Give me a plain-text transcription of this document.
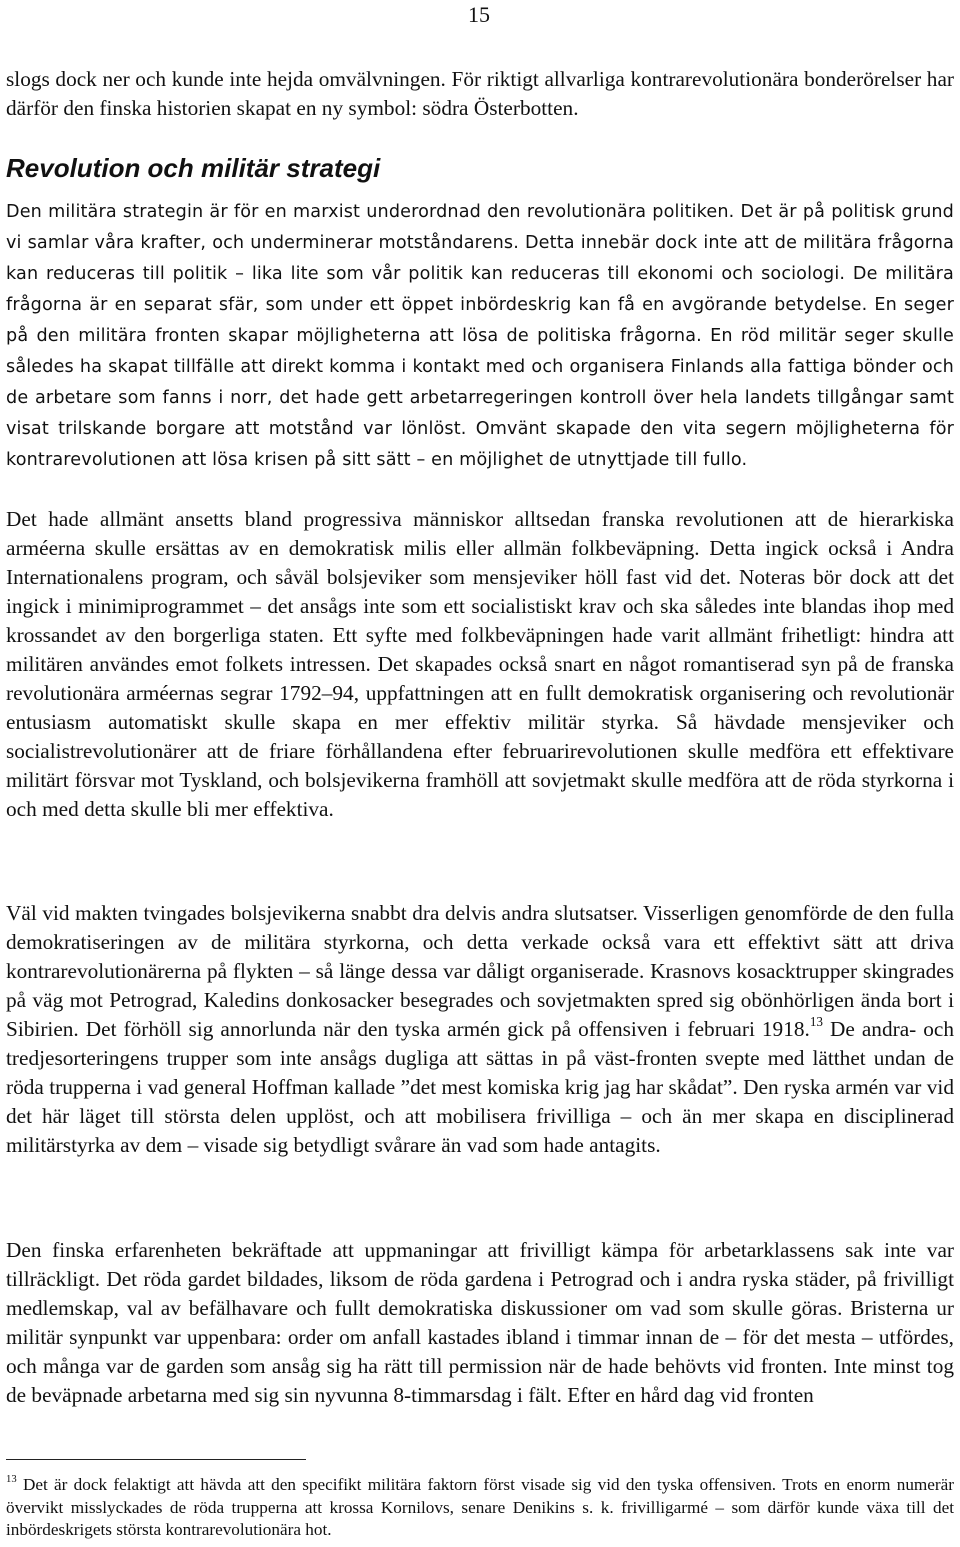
15

slogs dock ner och kunde inte hejda omvälvningen. För riktigt allvarliga kontrarevolutionära bonderörelser har därför den finska historien skapat en ny symbol: södra Österbotten.

Revolution och militär strategi

Den militära strategin är för en marxist underordnad den revolutionära politiken. Det är på politisk grund vi samlar våra krafter, och underminerar motståndarens. Detta innebär dock inte att de militära frågorna kan reduceras till politik – lika lite som vår politik kan reduceras till ekonomi och sociologi. De militära frågorna är en separat sfär, som under ett öppet inbördeskrig kan få en avgörande betydelse. En seger på den militära fronten skapar möjligheterna att lösa de politiska frågorna. En röd militär seger skulle således ha skapat tillfälle att direkt komma i kontakt med och organisera Finlands alla fattiga bönder och de arbetare som fanns i norr, det hade gett arbetarregeringen kontroll över hela landets tillgångar samt visat trilskande borgare att motstånd var lönlöst. Omvänt skapade den vita segern möjligheterna för kontrarevolutionen att lösa krisen på sitt sätt – en möjlighet de utnyttjade till fullo.

Det hade allmänt ansetts bland progressiva människor alltsedan franska revolutionen att de hierarkiska arméerna skulle ersättas av en demokratisk milis eller allmän folkbeväpning. Detta ingick också i Andra Internationalens program, och såväl bolsjeviker som mensjeviker höll fast vid det. Noteras bör dock att det ingick i minimiprogrammet – det ansågs inte som ett socialistiskt krav och ska således inte blandas ihop med krossandet av den borgerliga staten. Ett syfte med folkbeväpningen hade varit allmänt frihetligt: hindra att militären användes emot folkets intressen. Det skapades också snart en något romantiserad syn på de franska revolutionära arméernas segrar 1792–94, uppfattningen att en fullt demokratisk organisering och revolutionär entusiasm automatiskt skulle skapa en mer effektiv militär styrka. Så hävdade mensjeviker och socialistrevolutionärer att de friare förhållandena efter februarirevolutionen skulle medföra ett effektivare militärt försvar mot Tyskland, och bolsjevikerna framhöll att sovjetmakt skulle medföra att de röda styrkorna i och med detta skulle bli mer effektiva.

Väl vid makten tvingades bolsjevikerna snabbt dra delvis andra slutsatser. Visserligen genomförde de den fulla demokratiseringen av de militära styrkorna, och detta verkade också vara ett effektivt sätt att driva kontrarevolutionärerna på flykten – så länge dessa var dåligt organiserade. Krasnovs kosacktrupper skingrades på väg mot Petrograd, Kaledins donkosacker besegrades och sovjetmakten spred sig obönhörligen ända bort i Sibirien. Det förhöll sig annorlunda när den tyska armén gick på offensiven i februari 1918.13 De andra- och tredjesorteringens trupper som inte ansågs dugliga att sättas in på väst-fronten svepte med lätthet undan de röda trupperna i vad general Hoffman kallade ”det mest komiska krig jag har skådat”. Den ryska armén var vid det här läget till största delen upplöst, och att mobilisera frivilliga – och än mer skapa en disciplinerad militärstyrka av dem – visade sig betydligt svårare än vad som hade antagits.

Den finska erfarenheten bekräftade att uppmaningar att frivilligt kämpa för arbetarklassens sak inte var tillräckligt. Det röda gardet bildades, liksom de röda gardena i Petrograd och i andra ryska städer, på frivilligt medlemskap, val av befälhavare och fullt demokratiska diskussioner om vad som skulle göras. Bristerna ur militär synpunkt var uppenbara: order om anfall kastades ibland i timmar innan de – för det mesta – utfördes, och många var de garden som ansåg sig ha rätt till permission när de hade behövts vid fronten. Inte minst tog de beväpnade arbetarna med sig sin nyvunna 8-timmarsdag i fält. Efter en hård dag vid fronten

$^{13}$ Det är dock felaktigt att hävda att den specifikt militära faktorn först visade sig vid den tyska offensiven. Trots en enorm numerär övervikt misslyckades de röda trupperna att krossa Kornilovs, senare Denikins s. k. frivilligarmé – som därför kunde växa till det inbördeskrigets största kontrarevolutionära hot.
